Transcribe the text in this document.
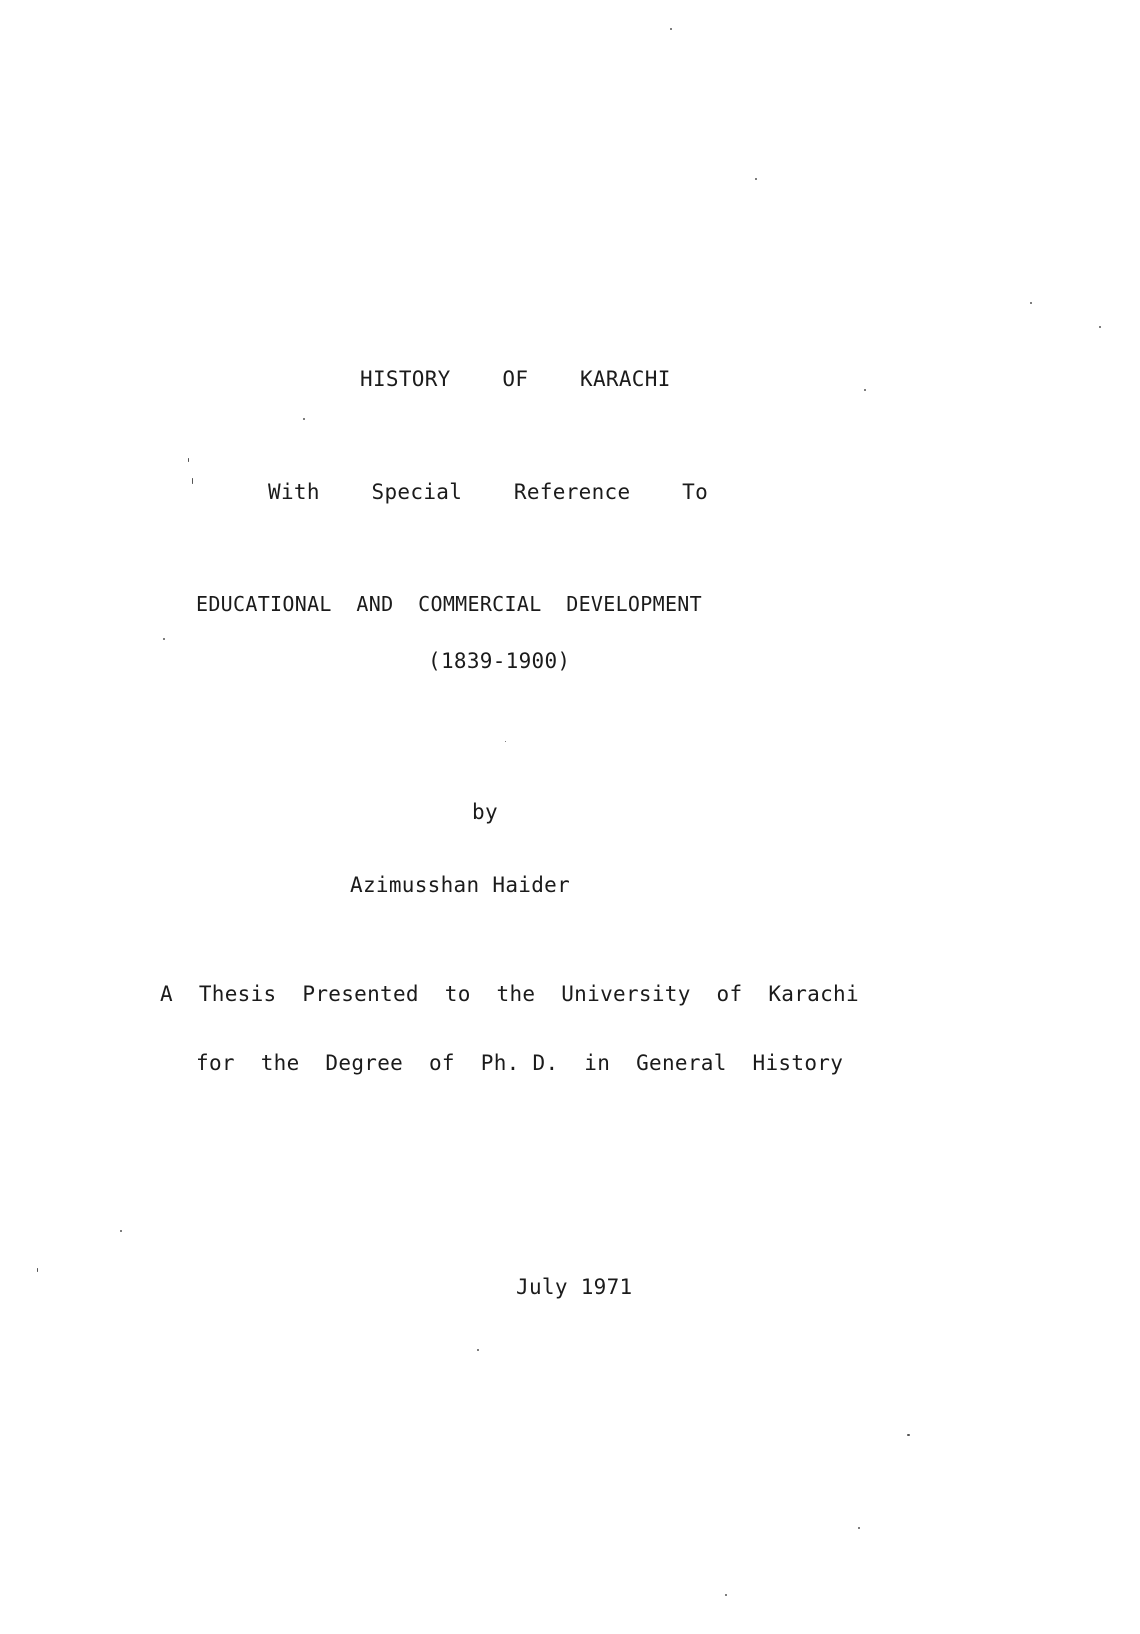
HISTORY    OF    KARACHI
With    Special    Reference    To
EDUCATIONAL  AND  COMMERCIAL  DEVELOPMENT
(1839-1900)
by
Azimusshan Haider
A  Thesis  Presented  to  the  University  of  Karachi
for  the  Degree  of  Ph. D.  in  General  History
July 1971
